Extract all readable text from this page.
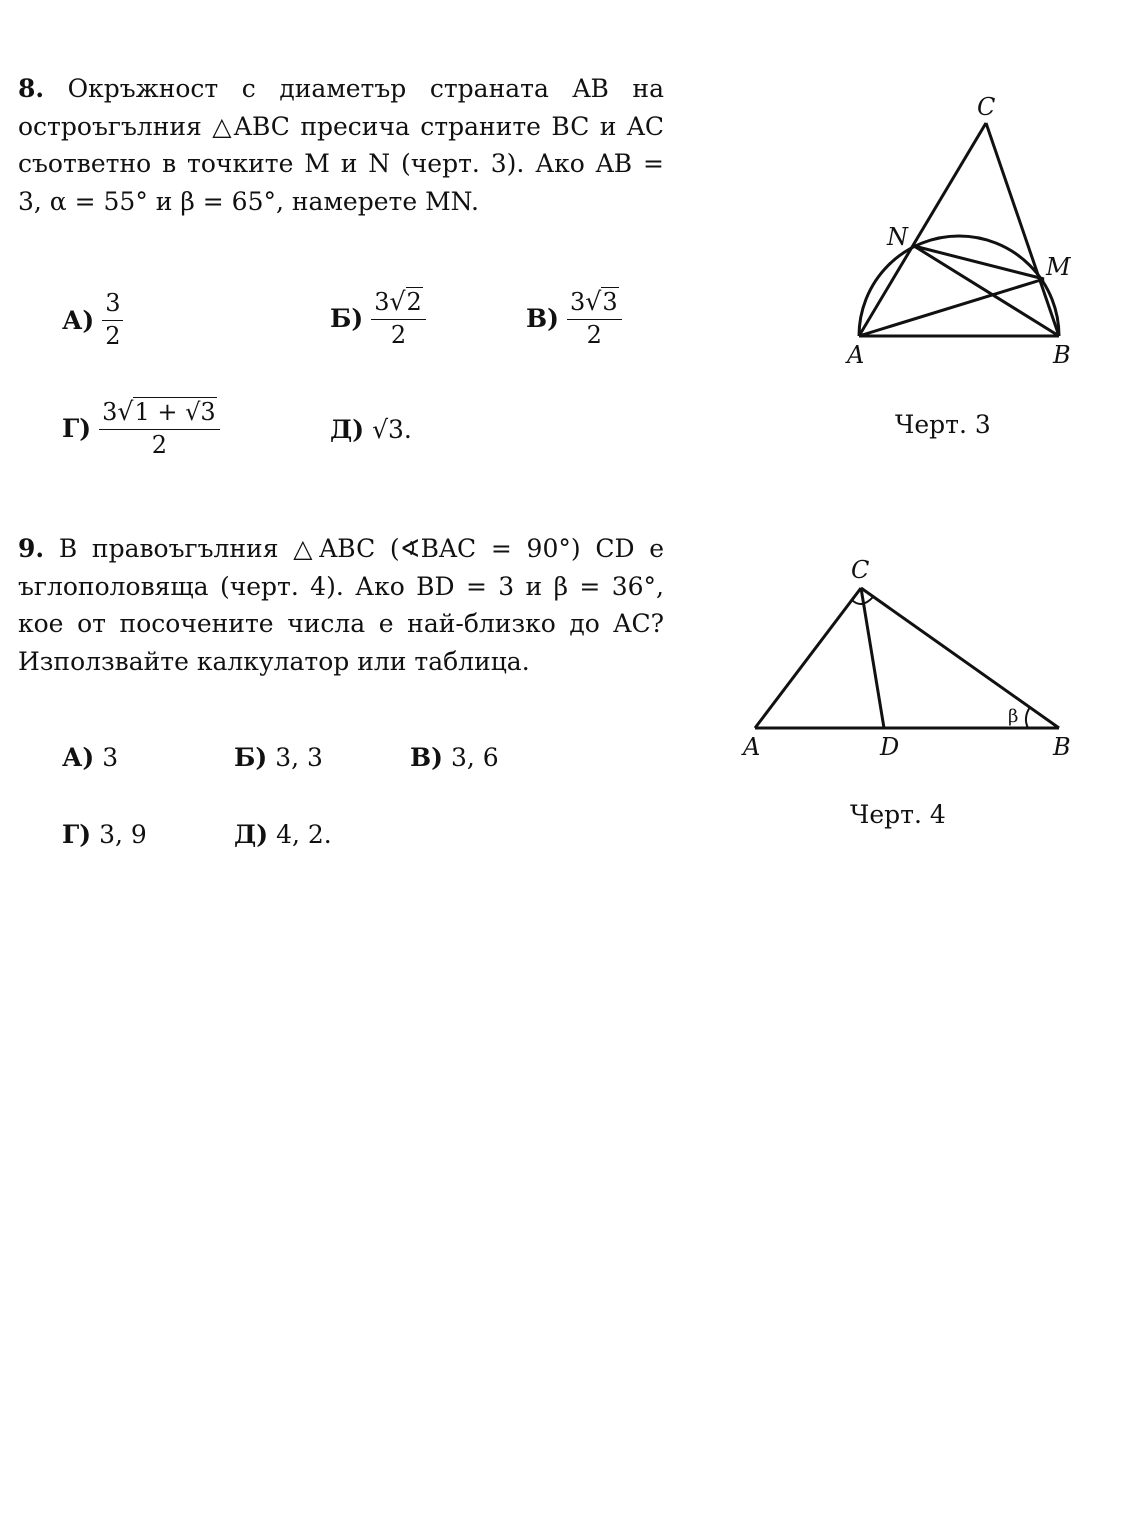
8. Окръжност с диаметър страната AB на остроъгълния △ABC пресича страните BC и AC съответно в точките M и N (черт. 3). Ако AB = 3, α = 55° и β = 65°, намерете MN.
$А) \frac{3}{2}$	$Б) \frac{3√2}{2}$	$В) \frac{3√3}{2}$
$Г) \frac{3√1 + √3}{2}$	Д) √3.
C
N
M
A	B
Черт. 3
9. В правоъгълния △ABC (∢BAC = 90°) CD е ъглополовяща (черт. 4). Ако BD = 3 и β = 36°, кое от посочените числа е най-близко до AC? Използвайте калкулатор или таблица.
А) 3	Б) 3, 3	В) 3, 6
Г) 3, 9	Д) 4, 2.
C
A	D	B
β
Черт. 4
